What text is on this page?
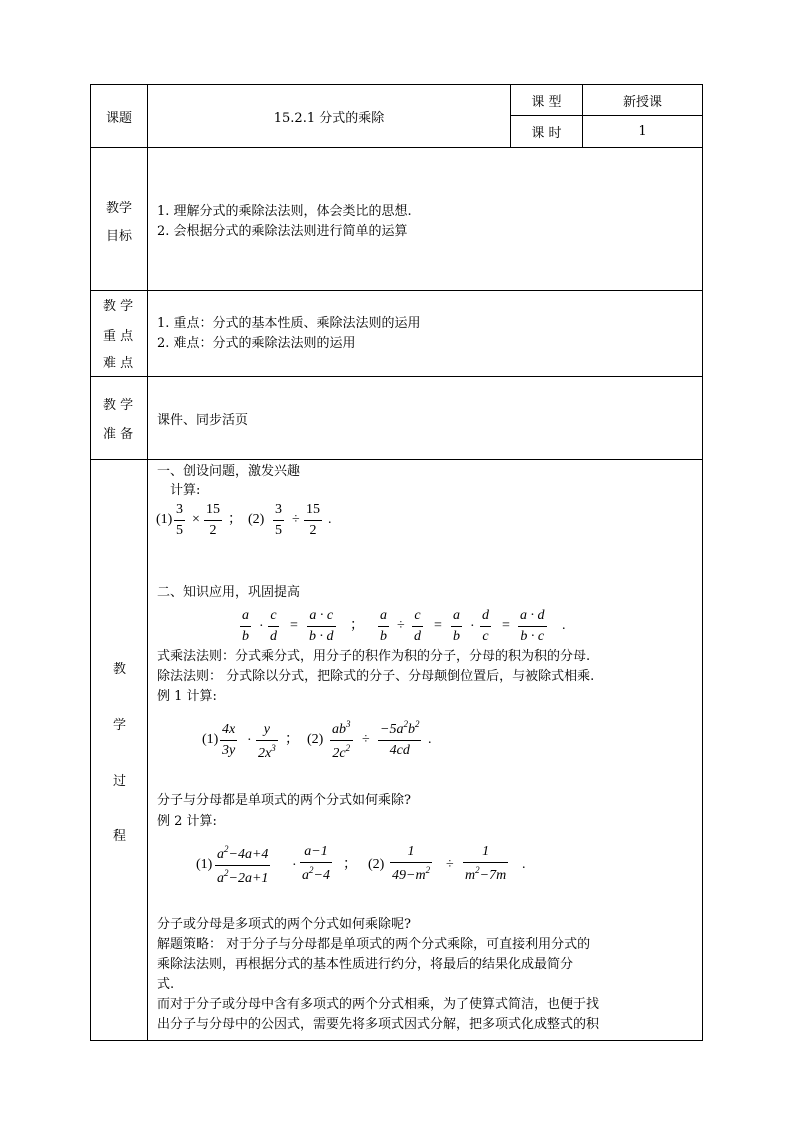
课题	15.2.1 分式的乘除
课 型	新授课
课 时	1
教学
目标
1. 理解分式的乘除法法则，体会类比的思想.
2. 会根据分式的乘除法法则进行简单的运算
教 学
重 点
难 点
1. 重点：分式的基本性质、乘除法法则的运用
2. 难点：分式的乘除法法则的运用
教 学
准 备
课件、同步活页
教
学
过
程
一、创设问题，激发兴趣
计算:
(1)
3
5
×
15
2
； (2)
3
5
÷
15
2
.
二、知识应用，巩固提高
a
b
·
c
d
=
a · c
b · d
；
a
b
÷
c
d
=
a
b
·
d
c
=
a · d
b · c
.
式乘法法则：分式乘分式，用分子的积作为积的分子，分母的积为积的分母.
除法法则： 分式除以分式，把除式的分子、分母颠倒位置后，与被除式相乘.
例 1 计算:
(1)
4x
3y
·
y
$2x^3$
； (2)
$ab^3$
$2c^2$
÷
$-5a^2b^2$
4cd
.
分子与分母都是单项式的两个分式如何乘除?
例 2 计算:
(1)
$a^2-4a+4$
$a^2-2a+1$
·
a−1
$a^2-4$
； (2)
1
$49-m^2$ ÷
1
$m^2-7m$
.
分子或分母是多项式的两个分式如何乘除呢?
解题策略： 对于分子与分母都是单项式的两个分式乘除，可直接利用分式的
乘除法法则，再根据分式的基本性质进行约分，将最后的结果化成最简分
式.
而对于分子或分母中含有多项式的两个分式相乘，为了使算式简洁，也便于找
出分子与分母中的公因式，需要先将多项式因式分解，把多项式化成整式的积
